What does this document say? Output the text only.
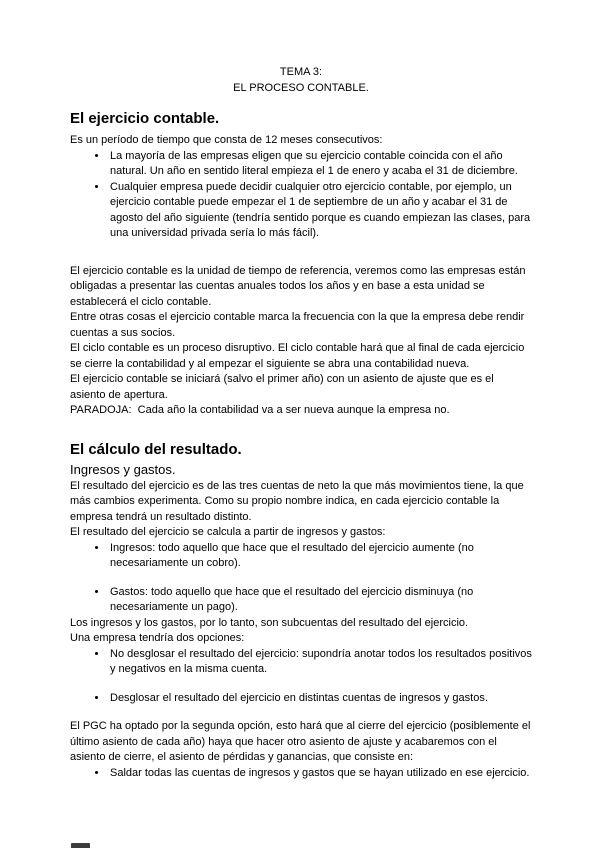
TEMA 3:

EL PROCESO CONTABLE.

El ejercicio contable.

Es un período de tiempo que consta de 12 meses consecutivos:

• La mayoría de las empresas eligen que su ejercicio contable coincida con el año natural. Un año en sentido literal empieza el 1 de enero y acaba el 31 de diciembre.
• Cualquier empresa puede decidir cualquier otro ejercicio contable, por ejemplo, un ejercicio contable puede empezar el 1 de septiembre de un año y acabar el 31 de agosto del año siguiente (tendría sentido porque es cuando empiezan las clases, para una universidad privada sería lo más fácil).

El ejercicio contable es la unidad de tiempo de referencia, veremos como las empresas están obligadas a presentar las cuentas anuales todos los años y en base a esta unidad se establecerá el ciclo contable.

Entre otras cosas el ejercicio contable marca la frecuencia con la que la empresa debe rendir cuentas a sus socios.

El ciclo contable es un proceso disruptivo. El ciclo contable hará que al final de cada ejercicio se cierre la contabilidad y al empezar el siguiente se abra una contabilidad nueva.

El ejercicio contable se iniciará (salvo el primer año) con un asiento de ajuste que es el asiento de apertura.

PARADOJA:  Cada año la contabilidad va a ser nueva aunque la empresa no.

El cálculo del resultado.

Ingresos y gastos.

El resultado del ejercicio es de las tres cuentas de neto la que más movimientos tiene, la que más cambios experimenta. Como su propio nombre indica, en cada ejercicio contable la empresa tendrá un resultado distinto.

El resultado del ejercicio se calcula a partir de ingresos y gastos:

• Ingresos: todo aquello que hace que el resultado del ejercicio aumente (no necesariamente un cobro).
• Gastos: todo aquello que hace que el resultado del ejercicio disminuya (no necesariamente un pago).

Los ingresos y los gastos, por lo tanto, son subcuentas del resultado del ejercicio.

Una empresa tendría dos opciones:

• No desglosar el resultado del ejercicio: supondría anotar todos los resultados positivos y negativos en la misma cuenta.
• Desglosar el resultado del ejercicio en distintas cuentas de ingresos y gastos.

El PGC ha optado por la segunda opción, esto hará que al cierre del ejercicio (posiblemente el último asiento de cada año) haya que hacer otro asiento de ajuste y acabaremos con el asiento de cierre, el asiento de pérdidas y ganancias, que consiste en:

• Saldar todas las cuentas de ingresos y gastos que se hayan utilizado en ese ejercicio.
